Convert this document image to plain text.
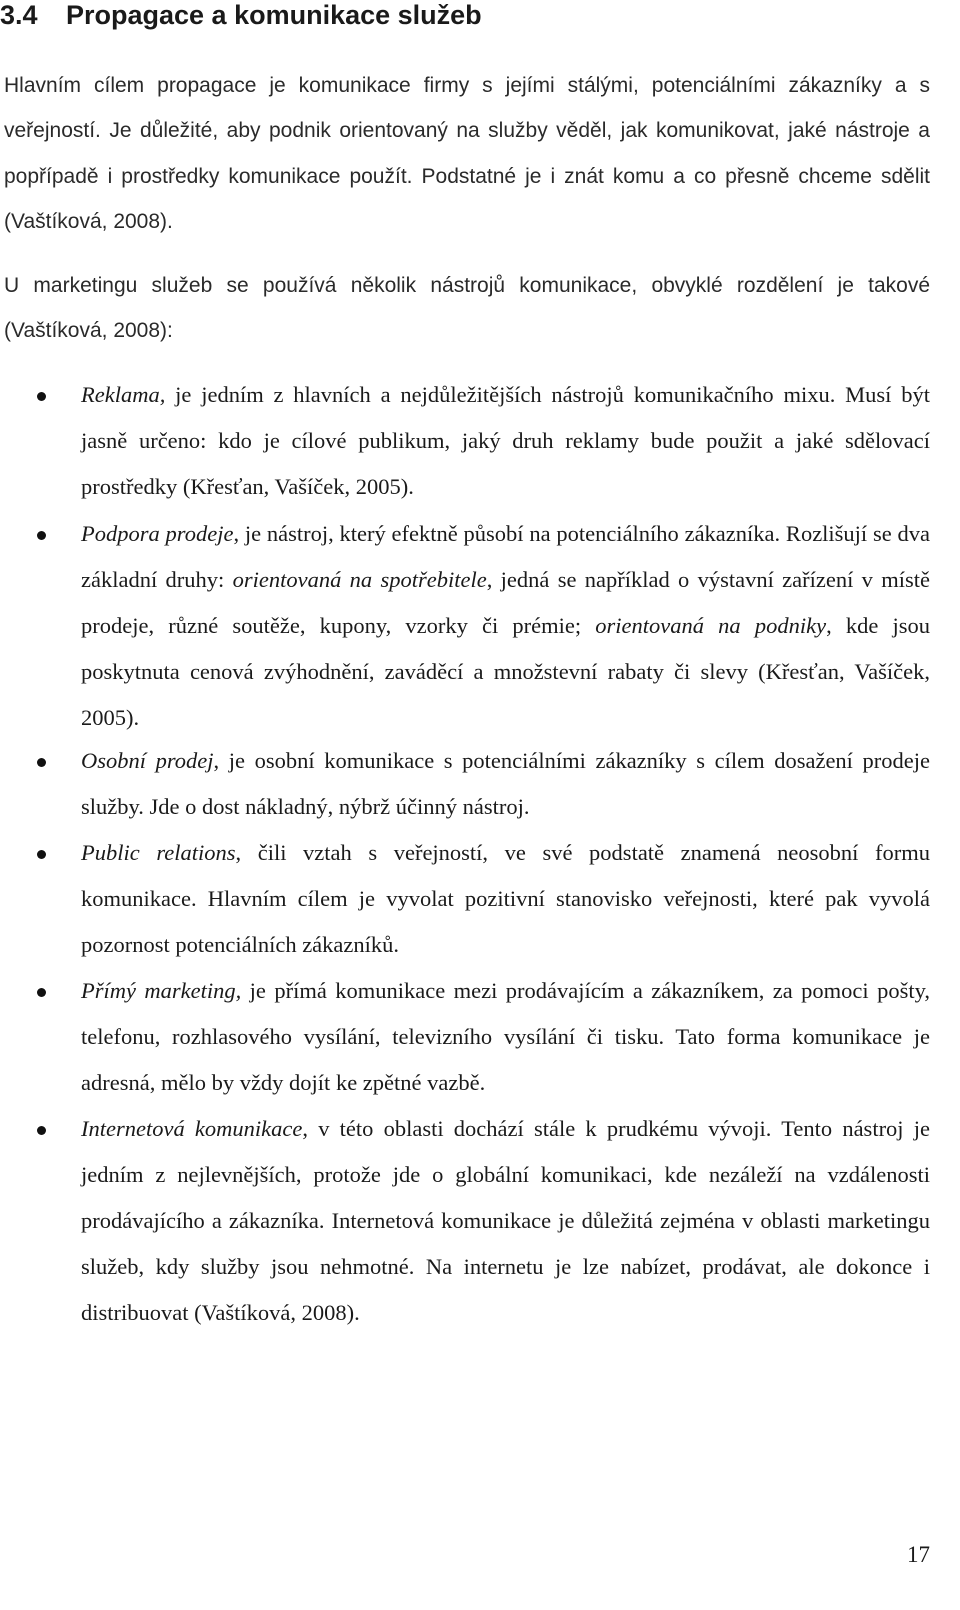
3.4 Propagace a komunikace služeb

Hlavním cílem propagace je komunikace firmy s jejími stálými, potenciálními zákazníky a s veřejností. Je důležité, aby podnik orientovaný na služby věděl, jak komunikovat, jaké nástroje a popřípadě i prostředky komunikace použít. Podstatné je i znát komu a co přesně chceme sdělit (Vaštíková, 2008).

U marketingu služeb se používá několik nástrojů komunikace, obvyklé rozdělení je takové (Vaštíková, 2008):

Reklama, je jedním z hlavních a nejdůležitějších nástrojů komunikačního mixu. Musí být jasně určeno: kdo je cílové publikum, jaký druh reklamy bude použit a jaké sdělovací prostředky (Křesťan, Vašíček, 2005).

Podpora prodeje, je nástroj, který efektně působí na potenciálního zákazníka. Rozlišují se dva základní druhy: orientovaná na spotřebitele, jedná se například o výstavní zařízení v místě prodeje, různé soutěže, kupony, vzorky či prémie; orientovaná na podniky, kde jsou poskytnuta cenová zvýhodnění, zaváděcí a množstevní rabaty či slevy (Křesťan, Vašíček, 2005).

Osobní prodej, je osobní komunikace s potenciálními zákazníky s cílem dosažení prodeje služby. Jde o dost nákladný, nýbrž účinný nástroj.

Public relations, čili vztah s veřejností, ve své podstatě znamená neosobní formu komunikace. Hlavním cílem je vyvolat pozitivní stanovisko veřejnosti, které pak vyvolá pozornost potenciálních zákazníků.

Přímý marketing, je přímá komunikace mezi prodávajícím a zákazníkem, za pomoci pošty, telefonu, rozhlasového vysílání, televizního vysílání či tisku. Tato forma komunikace je adresná, mělo by vždy dojít ke zpětné vazbě.

Internetová komunikace, v této oblasti dochází stále k prudkému vývoji. Tento nástroj je jedním z nejlevnějších, protože jde o globální komunikaci, kde nezáleží na vzdálenosti prodávajícího a zákazníka. Internetová komunikace je důležitá zejména v oblasti marketingu služeb, kdy služby jsou nehmotné. Na internetu je lze nabízet, prodávat, ale dokonce i distribuovat (Vaštíková, 2008).

17
